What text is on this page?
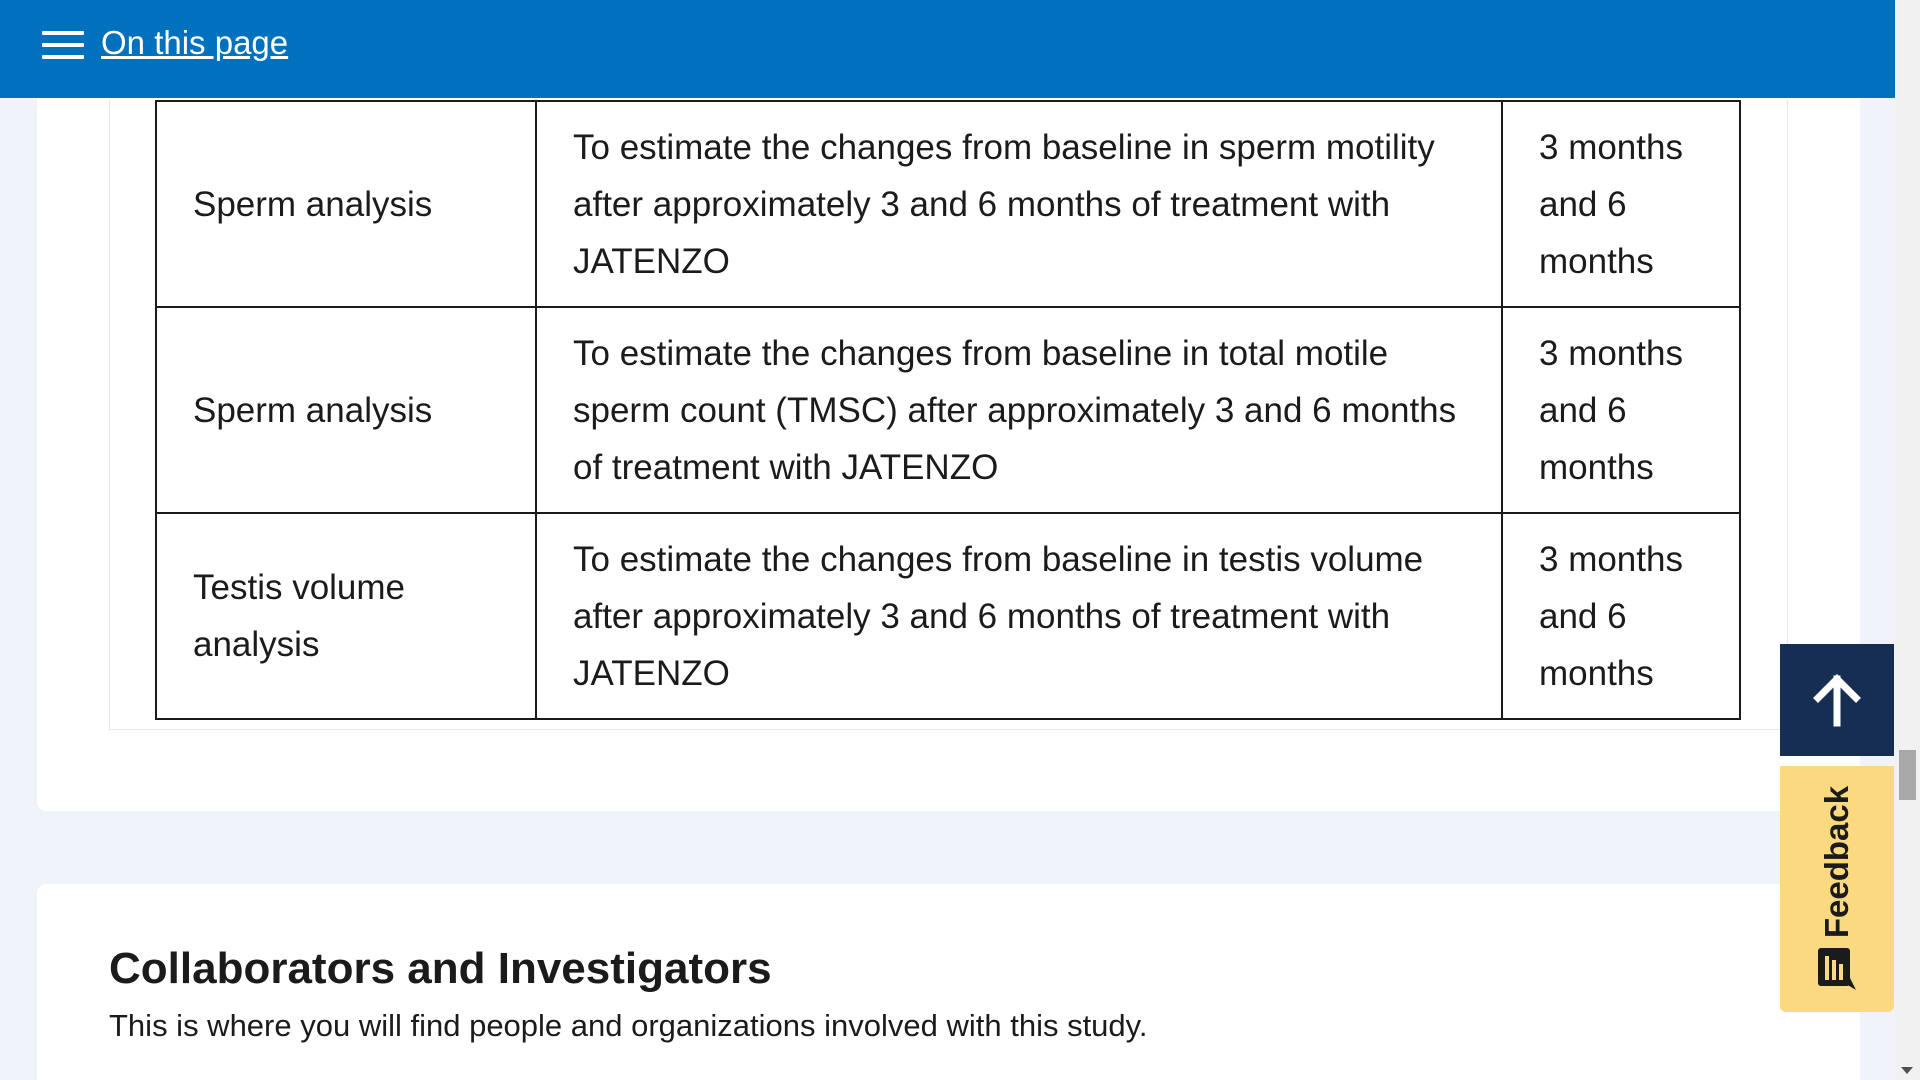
Sperm analysis	To estimate the changes from baseline in sperm motility after approximately 3 and 6 months of treatment with JATENZO	3 months and 6 months
Sperm analysis	To estimate the changes from baseline in total motile sperm count (TMSC) after approximately 3 and 6 months of treatment with JATENZO	3 months and 6 months
Testis volume analysis	To estimate the changes from baseline in testis volume after approximately 3 and 6 months of treatment with JATENZO	3 months and 6 months
Collaborators and Investigators

This is where you will find people and organizations involved with this study.

On this page
Feedback
